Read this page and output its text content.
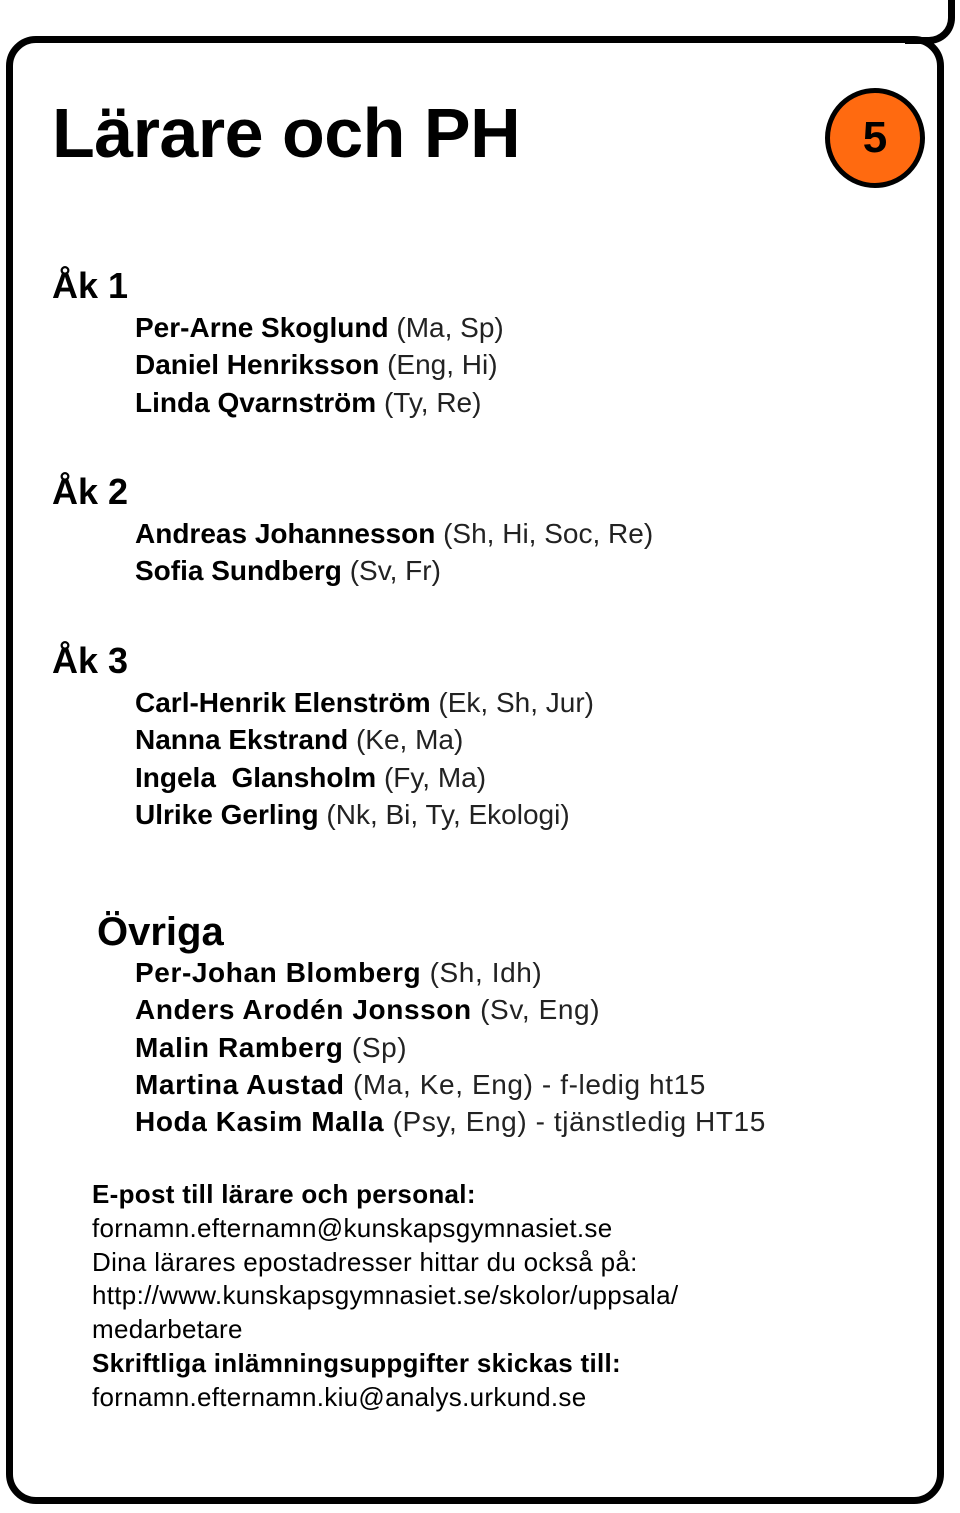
Lärare och PH	5
Åk 1
Per-Arne Skoglund (Ma, Sp)
Daniel Henriksson (Eng, Hi)
Linda Qvarnström (Ty, Re)
Åk 2
Andreas Johannesson (Sh, Hi, Soc, Re)
Sofia Sundberg (Sv, Fr)
Åk 3
Carl-Henrik Elenström (Ek, Sh, Jur)
Nanna Ekstrand (Ke, Ma)
Ingela  Glansholm (Fy, Ma)
Ulrike Gerling (Nk, Bi, Ty, Ekologi)
Övriga
Per-Johan Blomberg (Sh, Idh)
Anders Arodén Jonsson (Sv, Eng)
Malin Ramberg (Sp)
Martina Austad (Ma, Ke, Eng) - f-ledig ht15
Hoda Kasim Malla (Psy, Eng) - tjänstledig HT15

E-post till lärare och personal:

fornamn.efternamn@kunskapsgymnasiet.se

Dina lärares epostadresser hittar du också på:

http://www.kunskapsgymnasiet.se/skolor/uppsala/

medarbetare

Skriftliga inlämningsuppgifter skickas till:

fornamn.efternamn.kiu@analys.urkund.se
